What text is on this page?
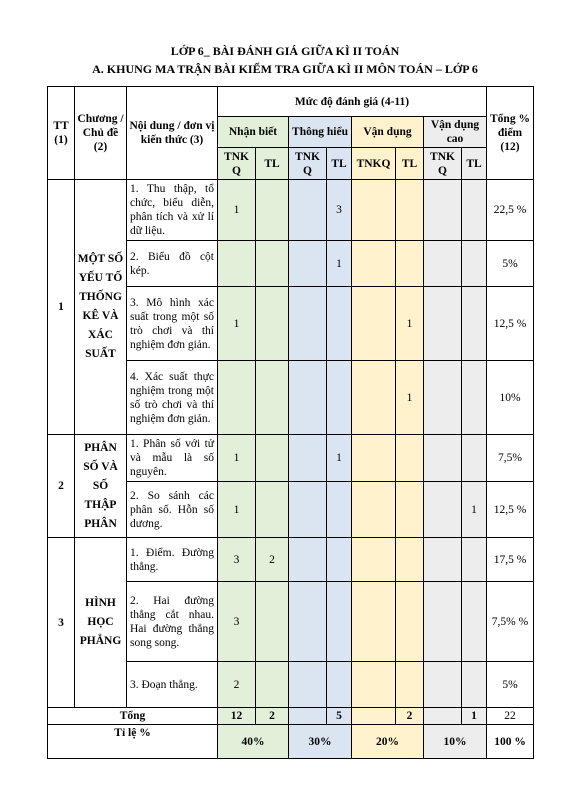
LỚP 6_ BÀI ĐÁNH GIÁ GIỮA KÌ II TOÁN
A. KHUNG MA TRẬN BÀI KIỂM TRA GIỮA KÌ II MÔN TOÁN – LỚP 6
TT (1)	Chương / Chủ đề (2)	Nội dung / đơn vị kiến thức (3)	Mức độ đánh giá (4-11)								Tổng % điểm (12)
			Nhận biết		Thông hiểu		Vận dụng		Vận dụng cao		
			TNK Q	TL	TNK Q	TL	TNKQ	TL	TNK Q	TL	
1	MỘT SỐ YẾU TỐ THỐNG KÊ VÀ XÁC SUẤT	1. Thu thập, tổ chức, biểu diễn, phân tích và xử lí dữ liệu.	1			3					22,5 %
		2. Biểu đồ cột kép.				1					5%
		3. Mô hình xác suất trong một số trò chơi và thí nghiệm đơn giản.	1					1			12,5 %
		4. Xác suất thực nghiệm trong một số trò chơi và thí nghiệm đơn giản.						1			10%
2	PHÂN SỐ VÀ SỐ THẬP PHÂN	1. Phân số với tử và mẫu là số nguyên.	1			1					7,5%
		2. So sánh các phân số. Hỗn số dương.	1							1	12,5 %
3	HÌNH HỌC PHẲNG	1. Điểm. Đường thẳng.	3	2							17,5 %
		2. Hai đường thẳng cắt nhau. Hai đường thẳng song song.	3								7,5% %
		3. Đoạn thẳng.	2								5%
Tổng			12	2		5		2		1	22
Tỉ lệ %			40%		30%		20%		10%		100 %
